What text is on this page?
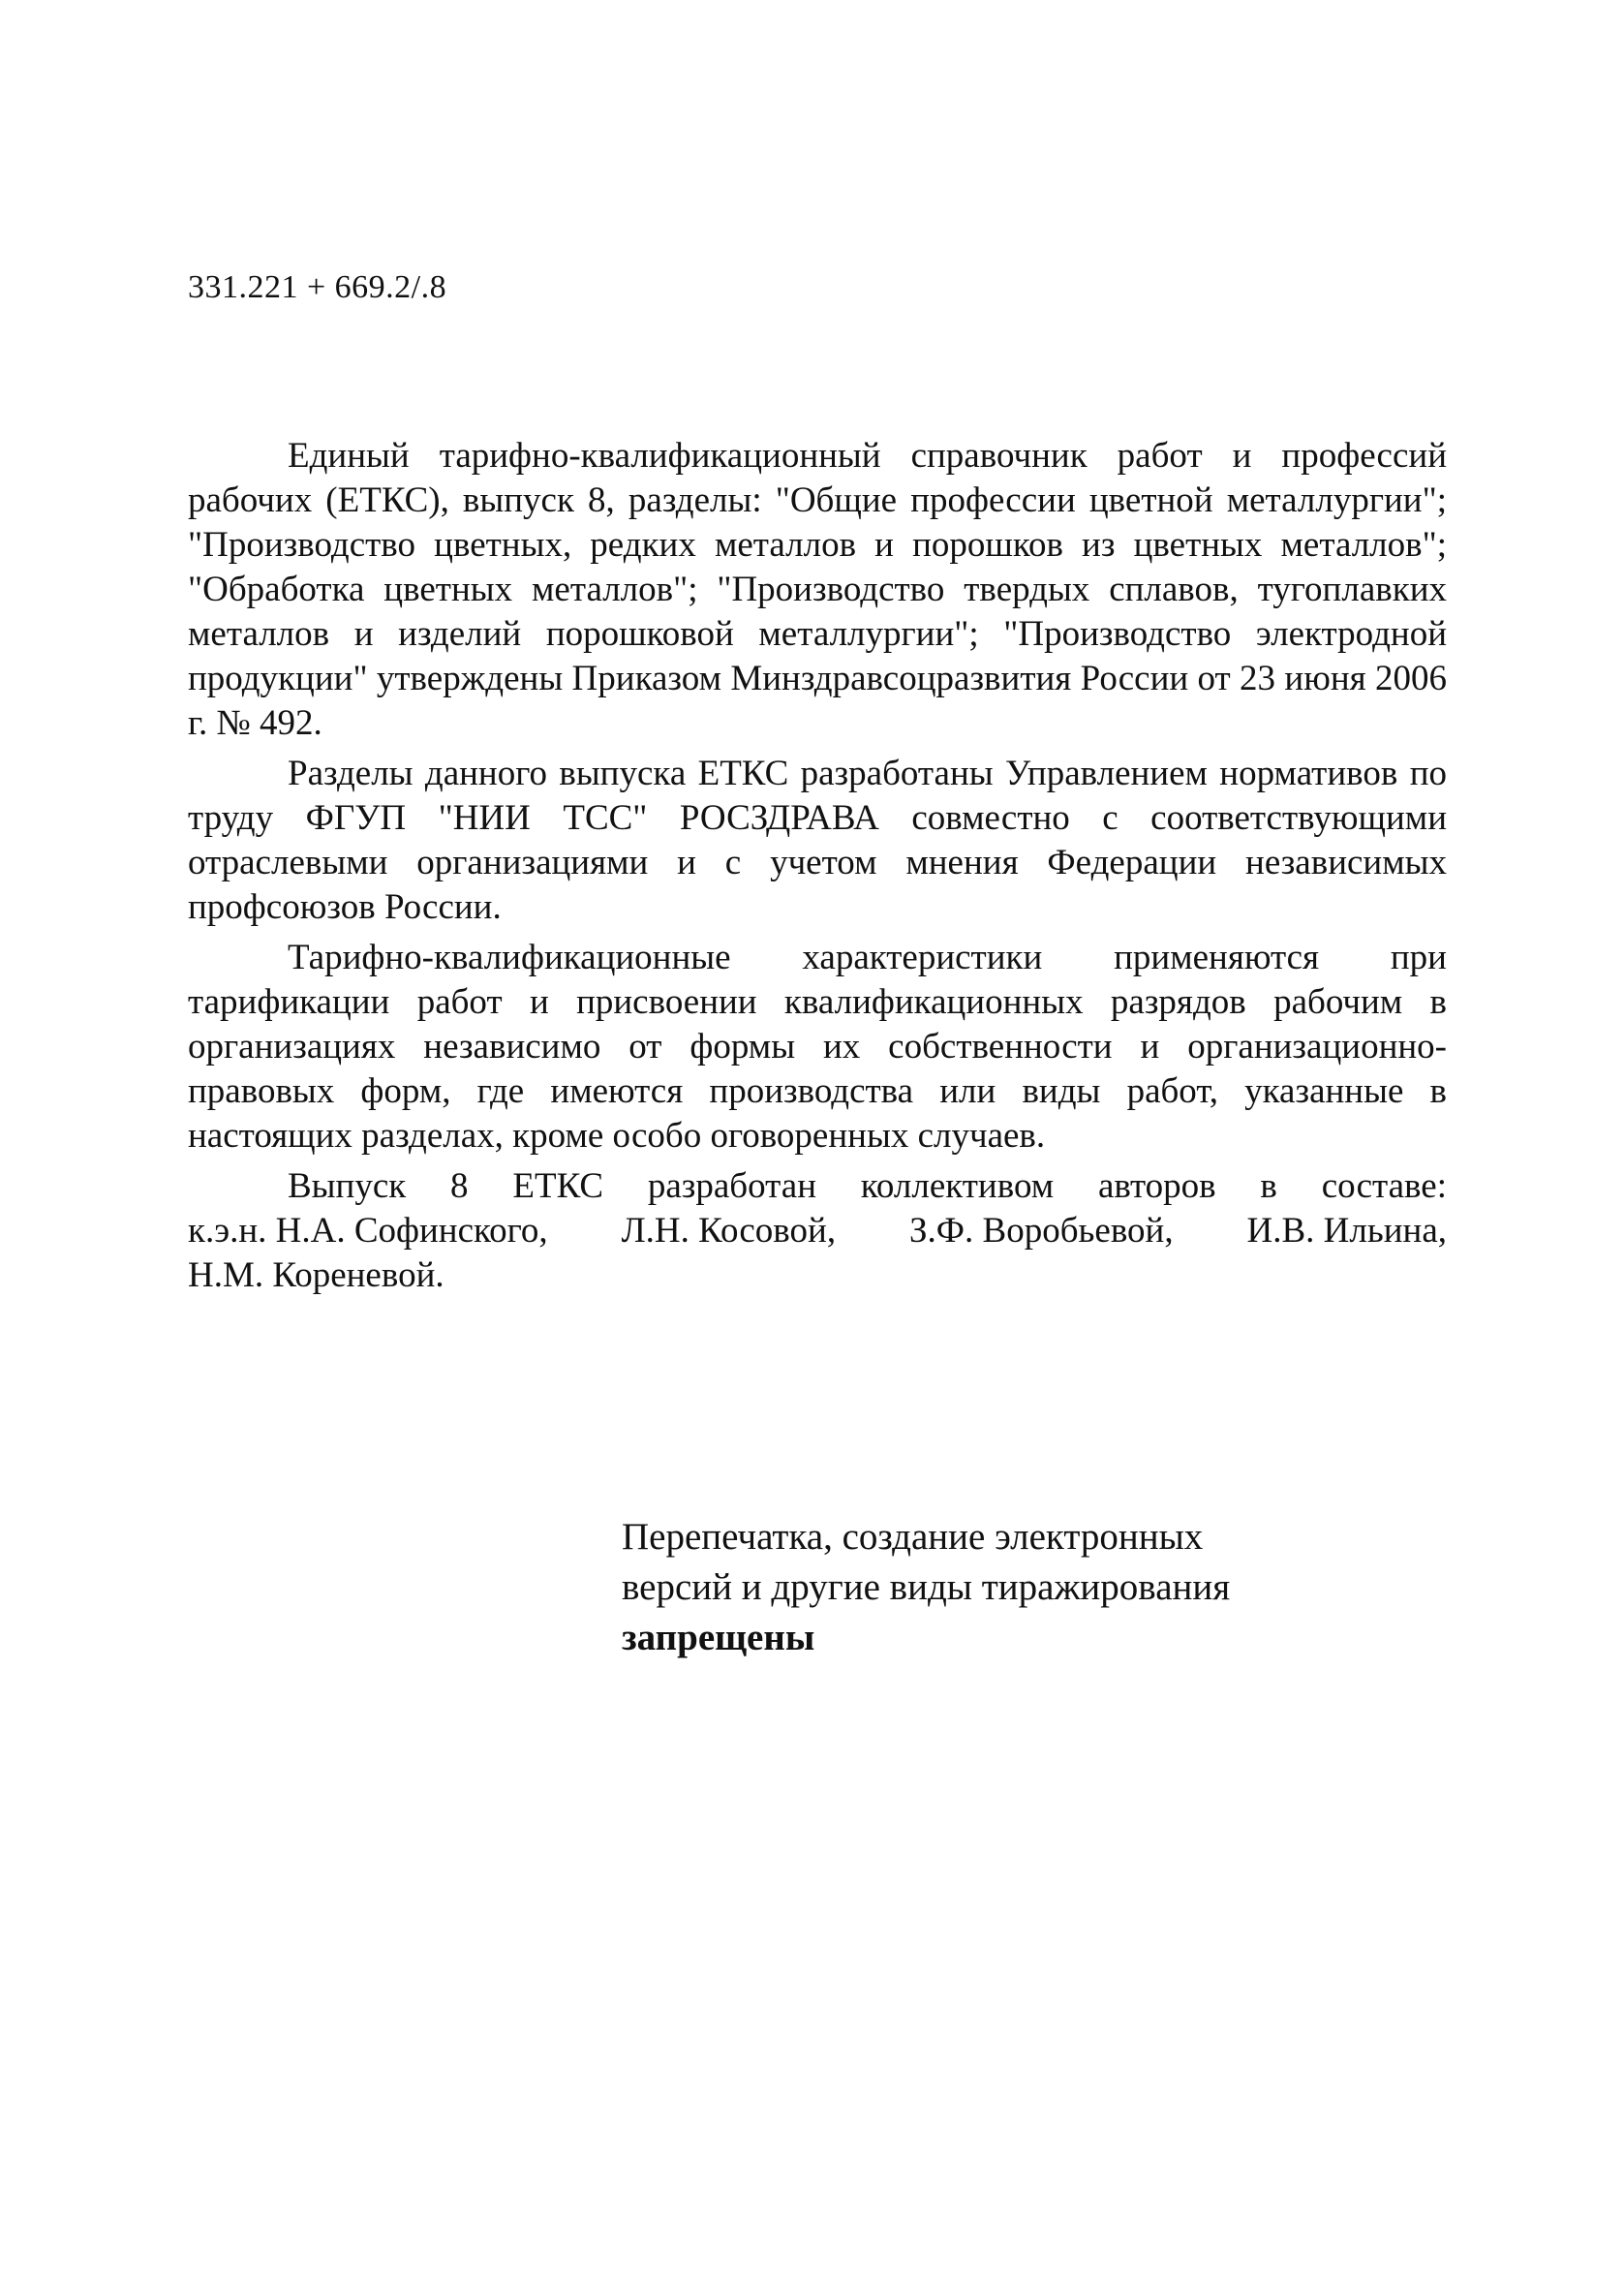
331.221 + 669.2/.8

Единый тарифно-квалификационный справочник работ и профессий рабочих (ЕТКС), выпуск 8, разделы: "Общие профессии цветной металлургии"; "Производство цветных, редких металлов и порошков из цветных металлов"; "Обработка цветных металлов"; "Производство твердых сплавов, тугоплавких металлов и изделий порошковой металлургии"; "Производство электродной продукции" утверждены Приказом Минздравсоцразвития России от 23 июня 2006 г. № 492.

Разделы данного выпуска ЕТКС разработаны Управлением нормативов по труду ФГУП "НИИ ТСС" РОСЗДРАВА совместно с соответствующими отраслевыми организациями и с учетом мнения Федерации независимых профсоюзов России.

Тарифно-квалификационные характеристики применяются при тарификации работ и присвоении квалификационных разрядов рабочим в организациях независимо от формы их собственности и организационно-правовых форм, где имеются производства или виды работ, указанные в настоящих разделах, кроме особо оговоренных случаев.

Выпуск 8 ЕТКС разработан коллективом авторов в составе:
к.э.н. Н.А. Софинского, Л.Н. Косовой, З.Ф. Воробьевой, И.В. Ильина,
Н.М. Кореневой.
Перепечатка, создание электронных
версий и другие виды тиражирования
запрещены
